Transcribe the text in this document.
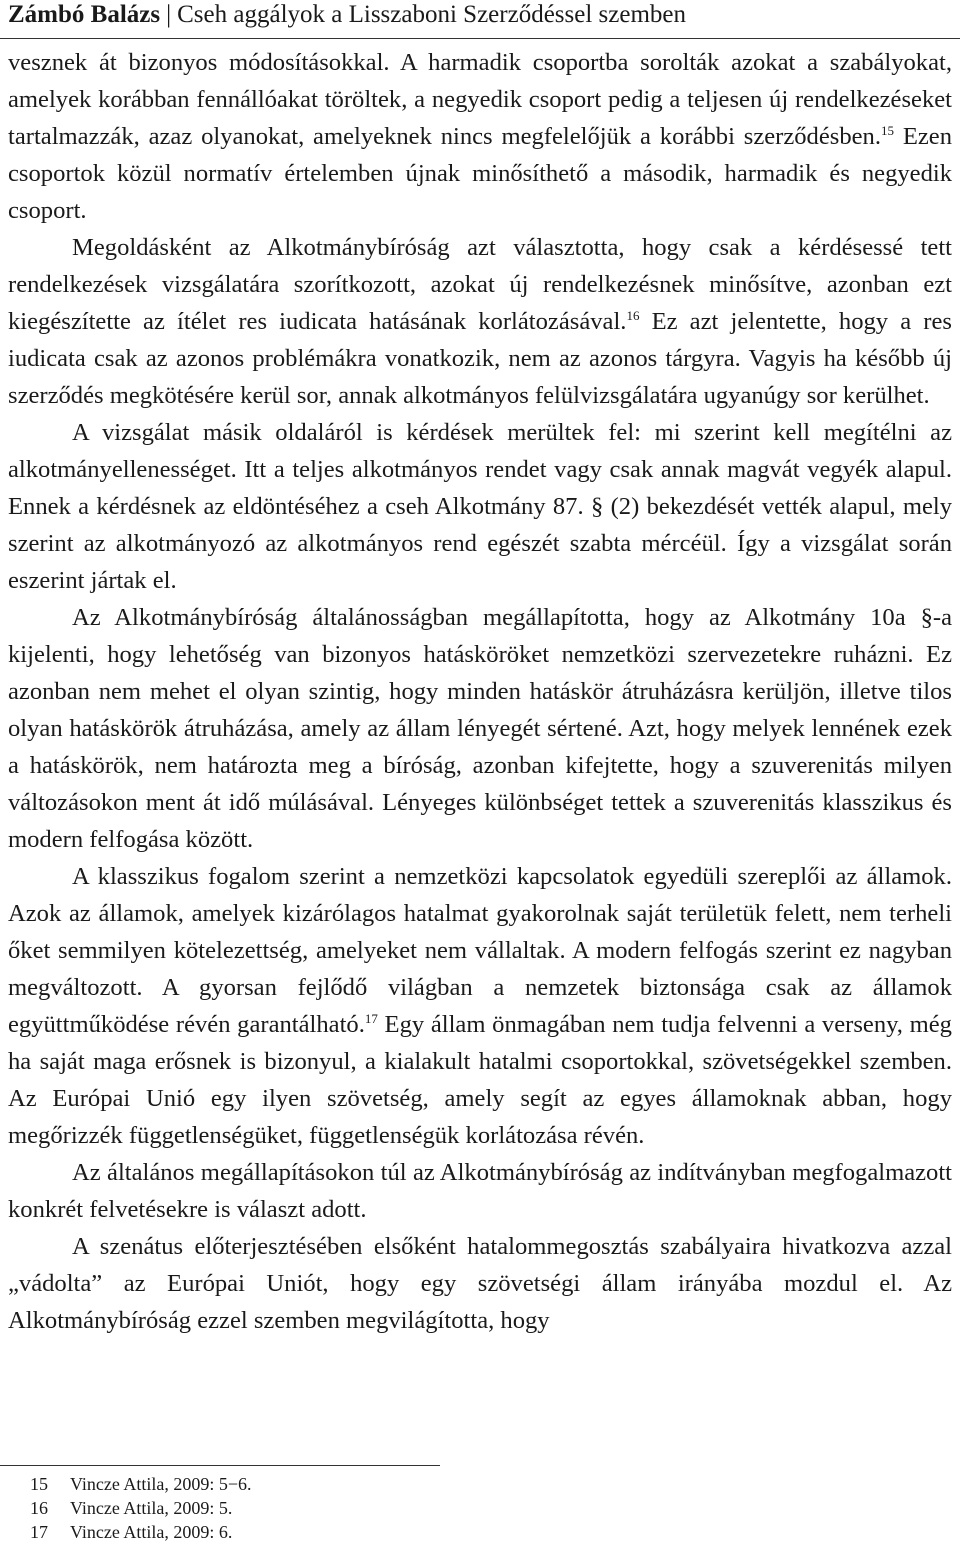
Zámbó Balázs | Cseh aggályok a Lisszaboni Szerződéssel szemben

vesznek át bizonyos módosításokkal. A harmadik csoportba sorolták azokat a szabályokat, amelyek korábban fennállóakat töröltek, a negyedik csoport pedig a teljesen új rendelkezéseket tartalmazzák, azaz olyanokat, amelyeknek nincs megfelelőjük a korábbi szerződésben.$^{15}$ Ezen csoportok közül normatív értelemben újnak minősíthető a második, harmadik és negyedik csoport.

Megoldásként az Alkotmánybíróság azt választotta, hogy csak a kérdésessé tett rendelkezések vizsgálatára szorítkozott, azokat új rendelkezésnek minősítve, azonban ezt kiegészítette az ítélet res iudicata hatásának korlátozásával.$^{16}$ Ez azt jelentette, hogy a res iudicata csak az azonos problémákra vonatkozik, nem az azonos tárgyra. Vagyis ha később új szerződés megkötésére kerül sor, annak alkotmányos felülvizsgálatára ugyanúgy sor kerülhet.

A vizsgálat másik oldaláról is kérdések merültek fel: mi szerint kell megítélni az alkotmányellenességet. Itt a teljes alkotmányos rendet vagy csak annak magvát vegyék alapul. Ennek a kérdésnek az eldöntéséhez a cseh Alkotmány 87. § (2) bekezdését vették alapul, mely szerint az alkotmányozó az alkotmányos rend egészét szabta mércéül. Így a vizsgálat során eszerint jártak el.

Az Alkotmánybíróság általánosságban megállapította, hogy az Alkotmány 10a §-a kijelenti, hogy lehetőség van bizonyos hatásköröket nemzetközi szervezetekre ruházni. Ez azonban nem mehet el olyan szintig, hogy minden hatáskör átruházásra kerüljön, illetve tilos olyan hatáskörök átruházása, amely az állam lényegét sértené. Azt, hogy melyek lennének ezek a hatáskörök, nem határozta meg a bíróság, azonban kifejtette, hogy a szuverenitás milyen változásokon ment át idő múlásával. Lényeges különbséget tettek a szuverenitás klasszikus és modern felfogása között.

A klasszikus fogalom szerint a nemzetközi kapcsolatok egyedüli szereplői az államok. Azok az államok, amelyek kizárólagos hatalmat gyakorolnak saját területük felett, nem terheli őket semmilyen kötelezettség, amelyeket nem vállaltak. A modern felfogás szerint ez nagyban megváltozott. A gyorsan fejlődő világban a nemzetek biztonsága csak az államok együttműködése révén garantálható.$^{17}$ Egy állam önmagában nem tudja felvenni a verseny, még ha saját maga erősnek is bizonyul, a kialakult hatalmi csoportokkal, szövetségekkel szemben. Az Európai Unió egy ilyen szövetség, amely segít az egyes államoknak abban, hogy megőrizzék függetlenségüket, függetlenségük korlátozása révén.

Az általános megállapításokon túl az Alkotmánybíróság az indítványban megfogalmazott konkrét felvetésekre is választ adott.

A szenátus előterjesztésében elsőként hatalommegosztás szabályaira hivatkozva azzal „vádolta” az Európai Uniót, hogy egy szövetségi állam irányába mozdul el. Az Alkotmánybíróság ezzel szemben megvilágította, hogy

15 Vincze Attila, 2009: 5−6.
16 Vincze Attila, 2009: 5.
17 Vincze Attila, 2009: 6.
